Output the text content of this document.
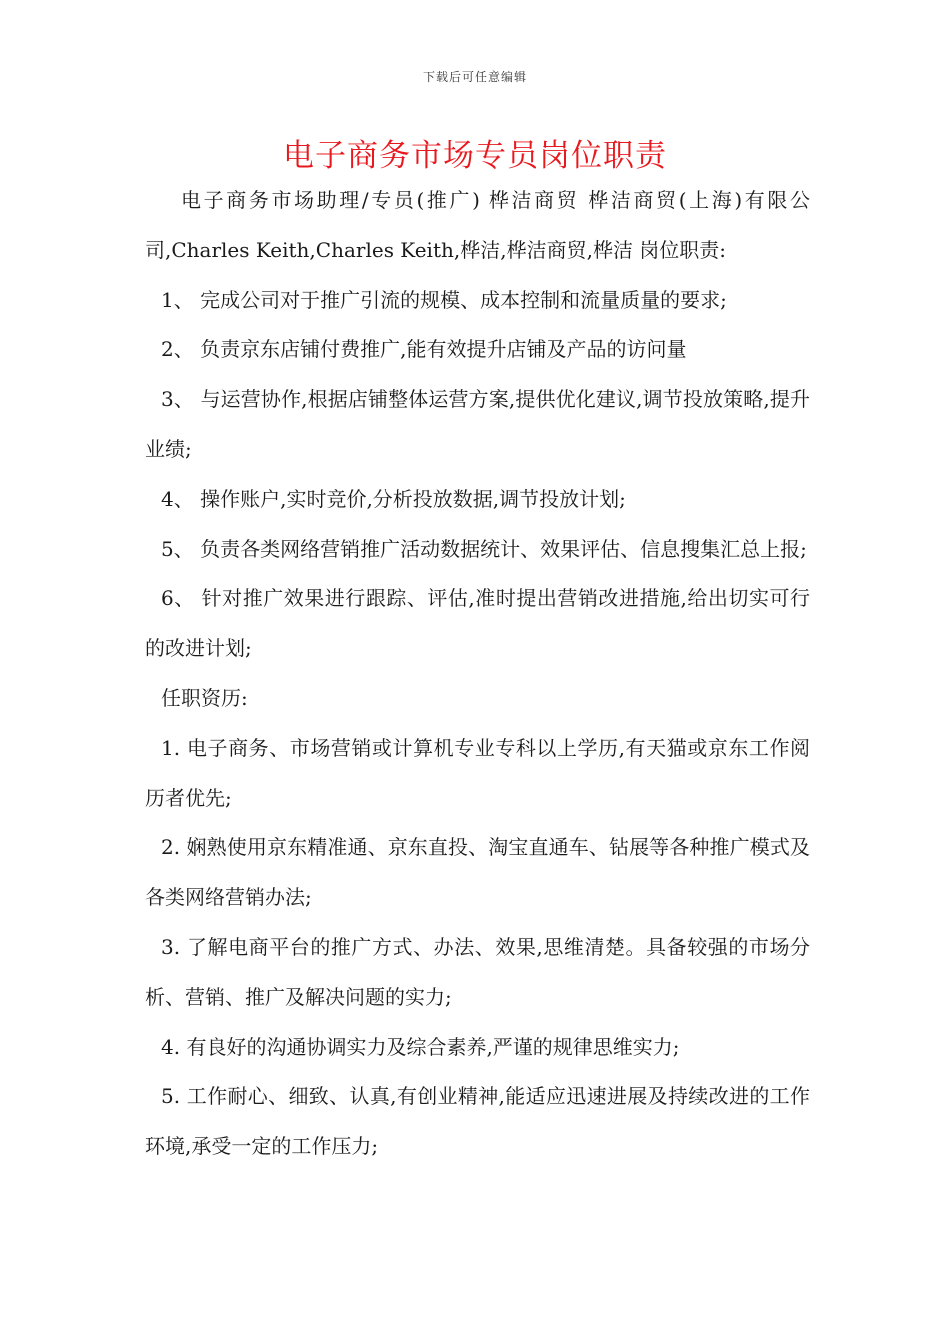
下载后可任意编辑
电子商务市场专员岗位职责

电子商务市场助理/专员(推广) 桦洁商贸 桦洁商贸(上海)有限公司,Charles Keith,Charles Keith,桦洁,桦洁商贸,桦洁 岗位职责:

1、 完成公司对于推广引流的规模、成本控制和流量质量的要求;

2、 负责京东店铺付费推广,能有效提升店铺及产品的访问量

3、 与运营协作,根据店铺整体运营方案,提供优化建议,调节投放策略,提升业绩;

4、 操作账户,实时竞价,分析投放数据,调节投放计划;

5、 负责各类网络营销推广活动数据统计、效果评估、信息搜集汇总上报;

6、 针对推广效果进行跟踪、评估,准时提出营销改进措施,给出切实可行的改进计划;

任职资历:

1. 电子商务、市场营销或计算机专业专科以上学历,有天猫或京东工作阅历者优先;

2. 娴熟使用京东精准通、京东直投、淘宝直通车、钻展等各种推广模式及各类网络营销办法;

3. 了解电商平台的推广方式、办法、效果,思维清楚。具备较强的市场分析、营销、推广及解决问题的实力;

4. 有良好的沟通协调实力及综合素养,严谨的规律思维实力;

5. 工作耐心、细致、认真,有创业精神,能适应迅速进展及持续改进的工作环境,承受一定的工作压力;
